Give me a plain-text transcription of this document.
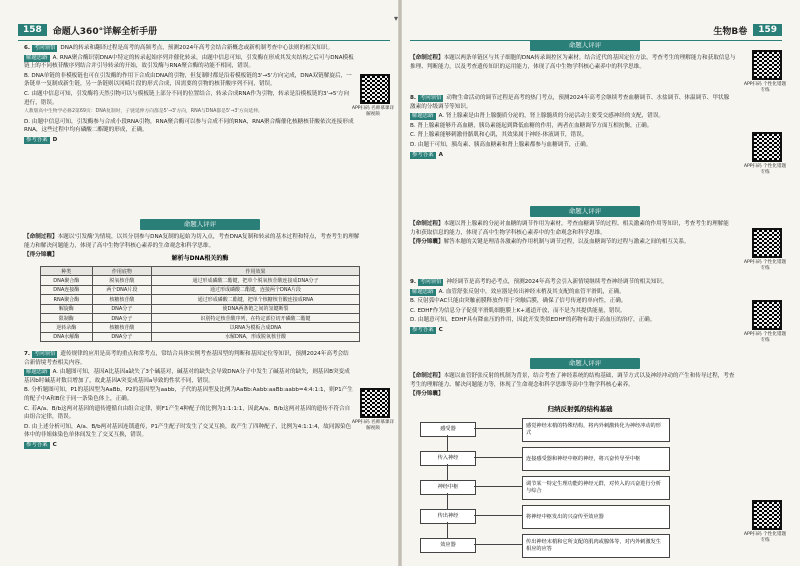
158	命题人360°详解全析手册

6. 考向领悟 DNA的转录和翻译过程是高考的高频考点，预测2024年高考会结合新概念或新机制考查中心法则的相关知识。

解题思路 A. RNA聚合酶识别DNA中特定的转录起始序列并催化转录，由题中信息可知，引发酶在形成其发夹结构之后可与DNA模板链上的不同核苷酸序列结合并引导转录的开始，故引发酶与RNA聚合酶的功能不相同，错误。

B. DNA单链的非模板链也可在引发酶的作用下合成由DNA的引物，但复制时都是沿着模板链的3'→5'方向完成，DNA双链解旋后，一条链单一复制成新生链，另一条链则以冈崎片段的形式合成，因需要的引物的核苷酸序列不同，错误。

C. 由题中信息可知，引发酶将天然引物可以与模板链上部分不同的位置结合，转录合成RNA作为引物，转录是沿模板链的3'→5'方向进行，错误。

人教版高中生物学必修2第69页：DNA复制时，子链延伸方向都是5'→3'方向，RNA与DNA都是5'→3'方向延伸。

D. 由题中信息可知，引发酶参与合成小段RNA引物，RNA聚合酶可以参与合成不同的RNA，RNA聚合酶催化核糖核苷酸依次连接形成RNA，这些过程中均有磷酸二酯键的形成，正确。

参考答案 D

APP扫码 名师慕课详解视频
命题人评评

【命制过程】本题以'引发酶'为情境，以其分别参与DNA复制的起始为切入点，考查DNA复制和转录的基本过程和特点，考查考生的理解能力和解决问题能力，体现了高中生物学科核心素养的生命观念和科学思维。

【得分锦囊】	解析与DNA相关的酶
种类	作用底物	作用效果
DNA聚合酶	脱氧核苷酸	通过形成磷酸二酯键，把单个脱氧核苷酸连接成DNA分子
DNA连接酶	两个DNA片段	通过形成磷酸二酯键，连接两个DNA片段
RNA聚合酶	核糖核苷酸	通过形成磷酸二酯键，把单个核糖核苷酸连接成RNA
解旋酶	DNA分子	使DNA两条链之间的氢键断裂
限制酶	DNA分子	识别特定核苷酸序列，在特定部位切开磷酸二酯键
逆转录酶	核糖核苷酸	以RNA为模板合成DNA
DNA水解酶	DNA分子	水解DNA，形成脱氧核苷酸

7. 考向领悟 遗传规律的应用是高考的重点和常考点，常结合具体实例考查基因型的判断和基因定位等知识，预测2024年高考会结合新情境考查相关内容。

解题思路 A. 由题图可知，基因A比基因a缺失了3个碱基对，碱基对的缺失会导致DNA分子中发生了碱基对的缺失，则基因B突变成基因b时碱基对数目增加了，故此基因A突变成基因a导致的性状不同，错误。

B. 分析题图可知，P1的基因型为AaBb，P2的基因型为aabb，子代的基因型及比例为AaBb:Aabb:aaBb:aabb=4:4:1:1，则P1产生的配子中A和B位于同一条染色体上，正确。

C. 若A/a、B/b这两对基因的遗传遵循自由组合定律，则F1产生4种配子的比例为1:1:1:1，因此A/a、B/b这两对基因的遗传不符合自由组合定律，错误。

D. 由上述分析可知，A/a、B/b两对基因连锁遗传，P1产生配子时发生了交叉互换，故产生了四种配子，比例为4:1:1:4，故同源染色体中的非姐妹染色单体间发生了交叉互换，错误。

参考答案 C

APP扫码 名师慕课详解视频
▾
生物B卷	159
命题人评评

【命制过程】本题以两条单链区与其子细胞的DNA转录调控区为素材，结合近代的基因定位方法，考查考生的理解能力和获取信息与推理、判断能力，以及考查遗传知识的运用能力，体现了高中生物学科核心素养中的科学思维。

APP扫码 个性化错题专练

8. 考向领悟 动物生命活动的调节过程是高考的热门考点，预测2024年高考会继续考查血糖调节、水盐调节、体温调节、甲状腺激素的分级调节等知识。

解题思路 A. 肾上腺素是由肾上腺髓质分泌的，肾上腺髓质的分泌活动主要受交感神经的支配，错误。

B. 肾上腺素能够升高血糖，胰岛素能起到降低血糖的作用，两者在血糖调节方面互相抗衡，正确。

C. 肾上腺素能够刺激骨骼肌和心肌，其效果属于神经-体液调节，错误。

D. 由题干可知，胰岛素、胰高血糖素和肾上腺素都参与血糖调节，正确。

参考答案 A

APP扫码 个性化错题专练
命题人评评

【命制过程】本题以肾上腺素的分泌对血糖的调节作用为素材，考查血糖调节的过程、相关激素的作用等知识，考查考生的理解能力和获取信息的能力，体现了高中生物学科核心素养中的生命观念和科学思维。

【得分锦囊】解答本题的关键是理清各激素的作用机制与调节过程，以及血糖调节的过程与激素之间的相互关系。

APP扫码 个性化错题专练

9. 考向领悟 神经调节是高考的必考点，预测2024年高考会引入新情境继续考查神经调节的相关知识。

解题思路 A. 血管舒张反射中，效应器是传出神经末梢及其支配的血管平滑肌，正确。

B. 反射弧中AC只能由突触前膜释放作用于突触后膜，确保了信号传递的单向性，正确。

C. EDHF作为信息分子促使平滑肌细胞膜上K+通道开放，而不是为其提供能量，错误。

D. 由题意可知，EDHF具有降血压的作用，因此开发类似EDHF的药物有助于高血压的治疗，正确。

参考答案 C

APP扫码 个性化错题专练
命题人评评

【命制过程】本题以血管舒张反射的机制为背景，结合考查了神经系统的结构基础，调节方式以及神经冲动的产生和传导过程，考查考生的理解能力、解决问题能力等，体现了生命观念和科学思维等高中生物学科核心素养。

【得分锦囊】

归纳反射弧的结构基础
感受器	感觉神经末梢的特殊结构，将内外刺激转化为神经冲动的形式
传入神经	连接感受器和神经中枢的神经，将兴奋传导至中枢
神经中枢	调节某一特定生理功能的神经元群，对传入的兴奋进行分析与综合
传出神经	将神经中枢发出的兴奋传至效应器
效应器	传出神经末梢和它所支配的肌肉或腺体等，对内外刺激发生相应的应答
APP扫码 个性化错题专练
